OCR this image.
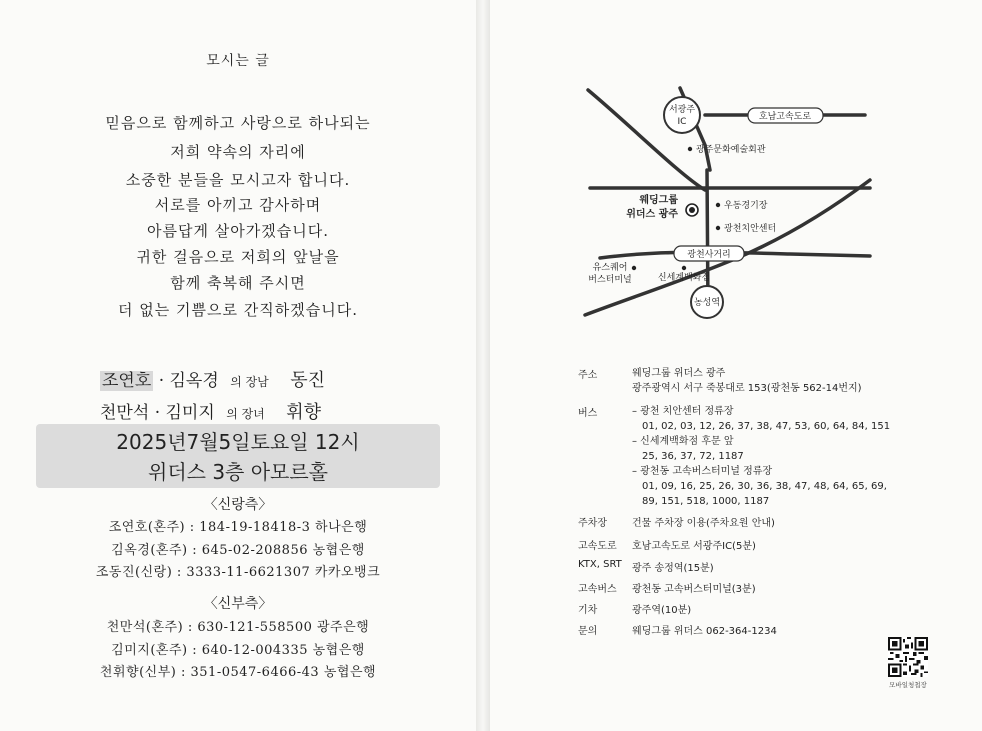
모시는 글
믿음으로 함께하고 사랑으로 하나되는
저희 약속의 자리에
소중한 분들을 모시고자 합니다.
서로를 아끼고 감사하며
아름답게 살아가겠습니다.
귀한 걸음으로 저희의 앞날을
함께 축복해 주시면
더 없는 기쁨으로 간직하겠습니다.
조연호 · 김옥경 의 장남 동진
천만석 · 김미지 의 장녀 휘향
2025년7월5일토요일 12시
위더스 3층 아모르홀
〈신랑측〉
조연호(혼주) : 184-19-18418-3 하나은행
김옥경(혼주) : 645-02-208856 농협은행
조동진(신랑) : 3333-11-6621307 카카오뱅크
〈신부측〉
천만석(혼주) : 630-121-558500 광주은행
김미지(혼주) : 640-12-004335 농협은행
천휘향(신부) : 351-0547-6466-43 농협은행
서광주
IC	호남고속도로
광주문화예술회관
웨딩그룹
위더스 광주
우동경기장
광천치안센터
광천사거리
유스퀘어
버스터미널	신세계백화점
농성역
주소	웨딩그룹 위더스 광주
광주광역시 서구 죽봉대로 153(광천동 562-14번지)
버스	– 광천 치안센터 정류장
01, 02, 03, 12, 26, 37, 38, 47, 53, 60, 64, 84, 151
– 신세계백화점 후문 앞
25, 36, 37, 72, 1187
– 광천동 고속버스터미널 정류장
01, 09, 16, 25, 26, 30, 36, 38, 47, 48, 64, 65, 69,
89, 151, 518, 1000, 1187
주차장	건물 주차장 이용(주차요원 안내)
고속도로	호남고속도로 서광주IC(5분)
KTX, SRT	광주 송정역(15분)
고속버스	광천동 고속버스터미널(3분)
기차	광주역(10분)
문의	웨딩그룹 위더스 062-364-1234
모바일청첩장
